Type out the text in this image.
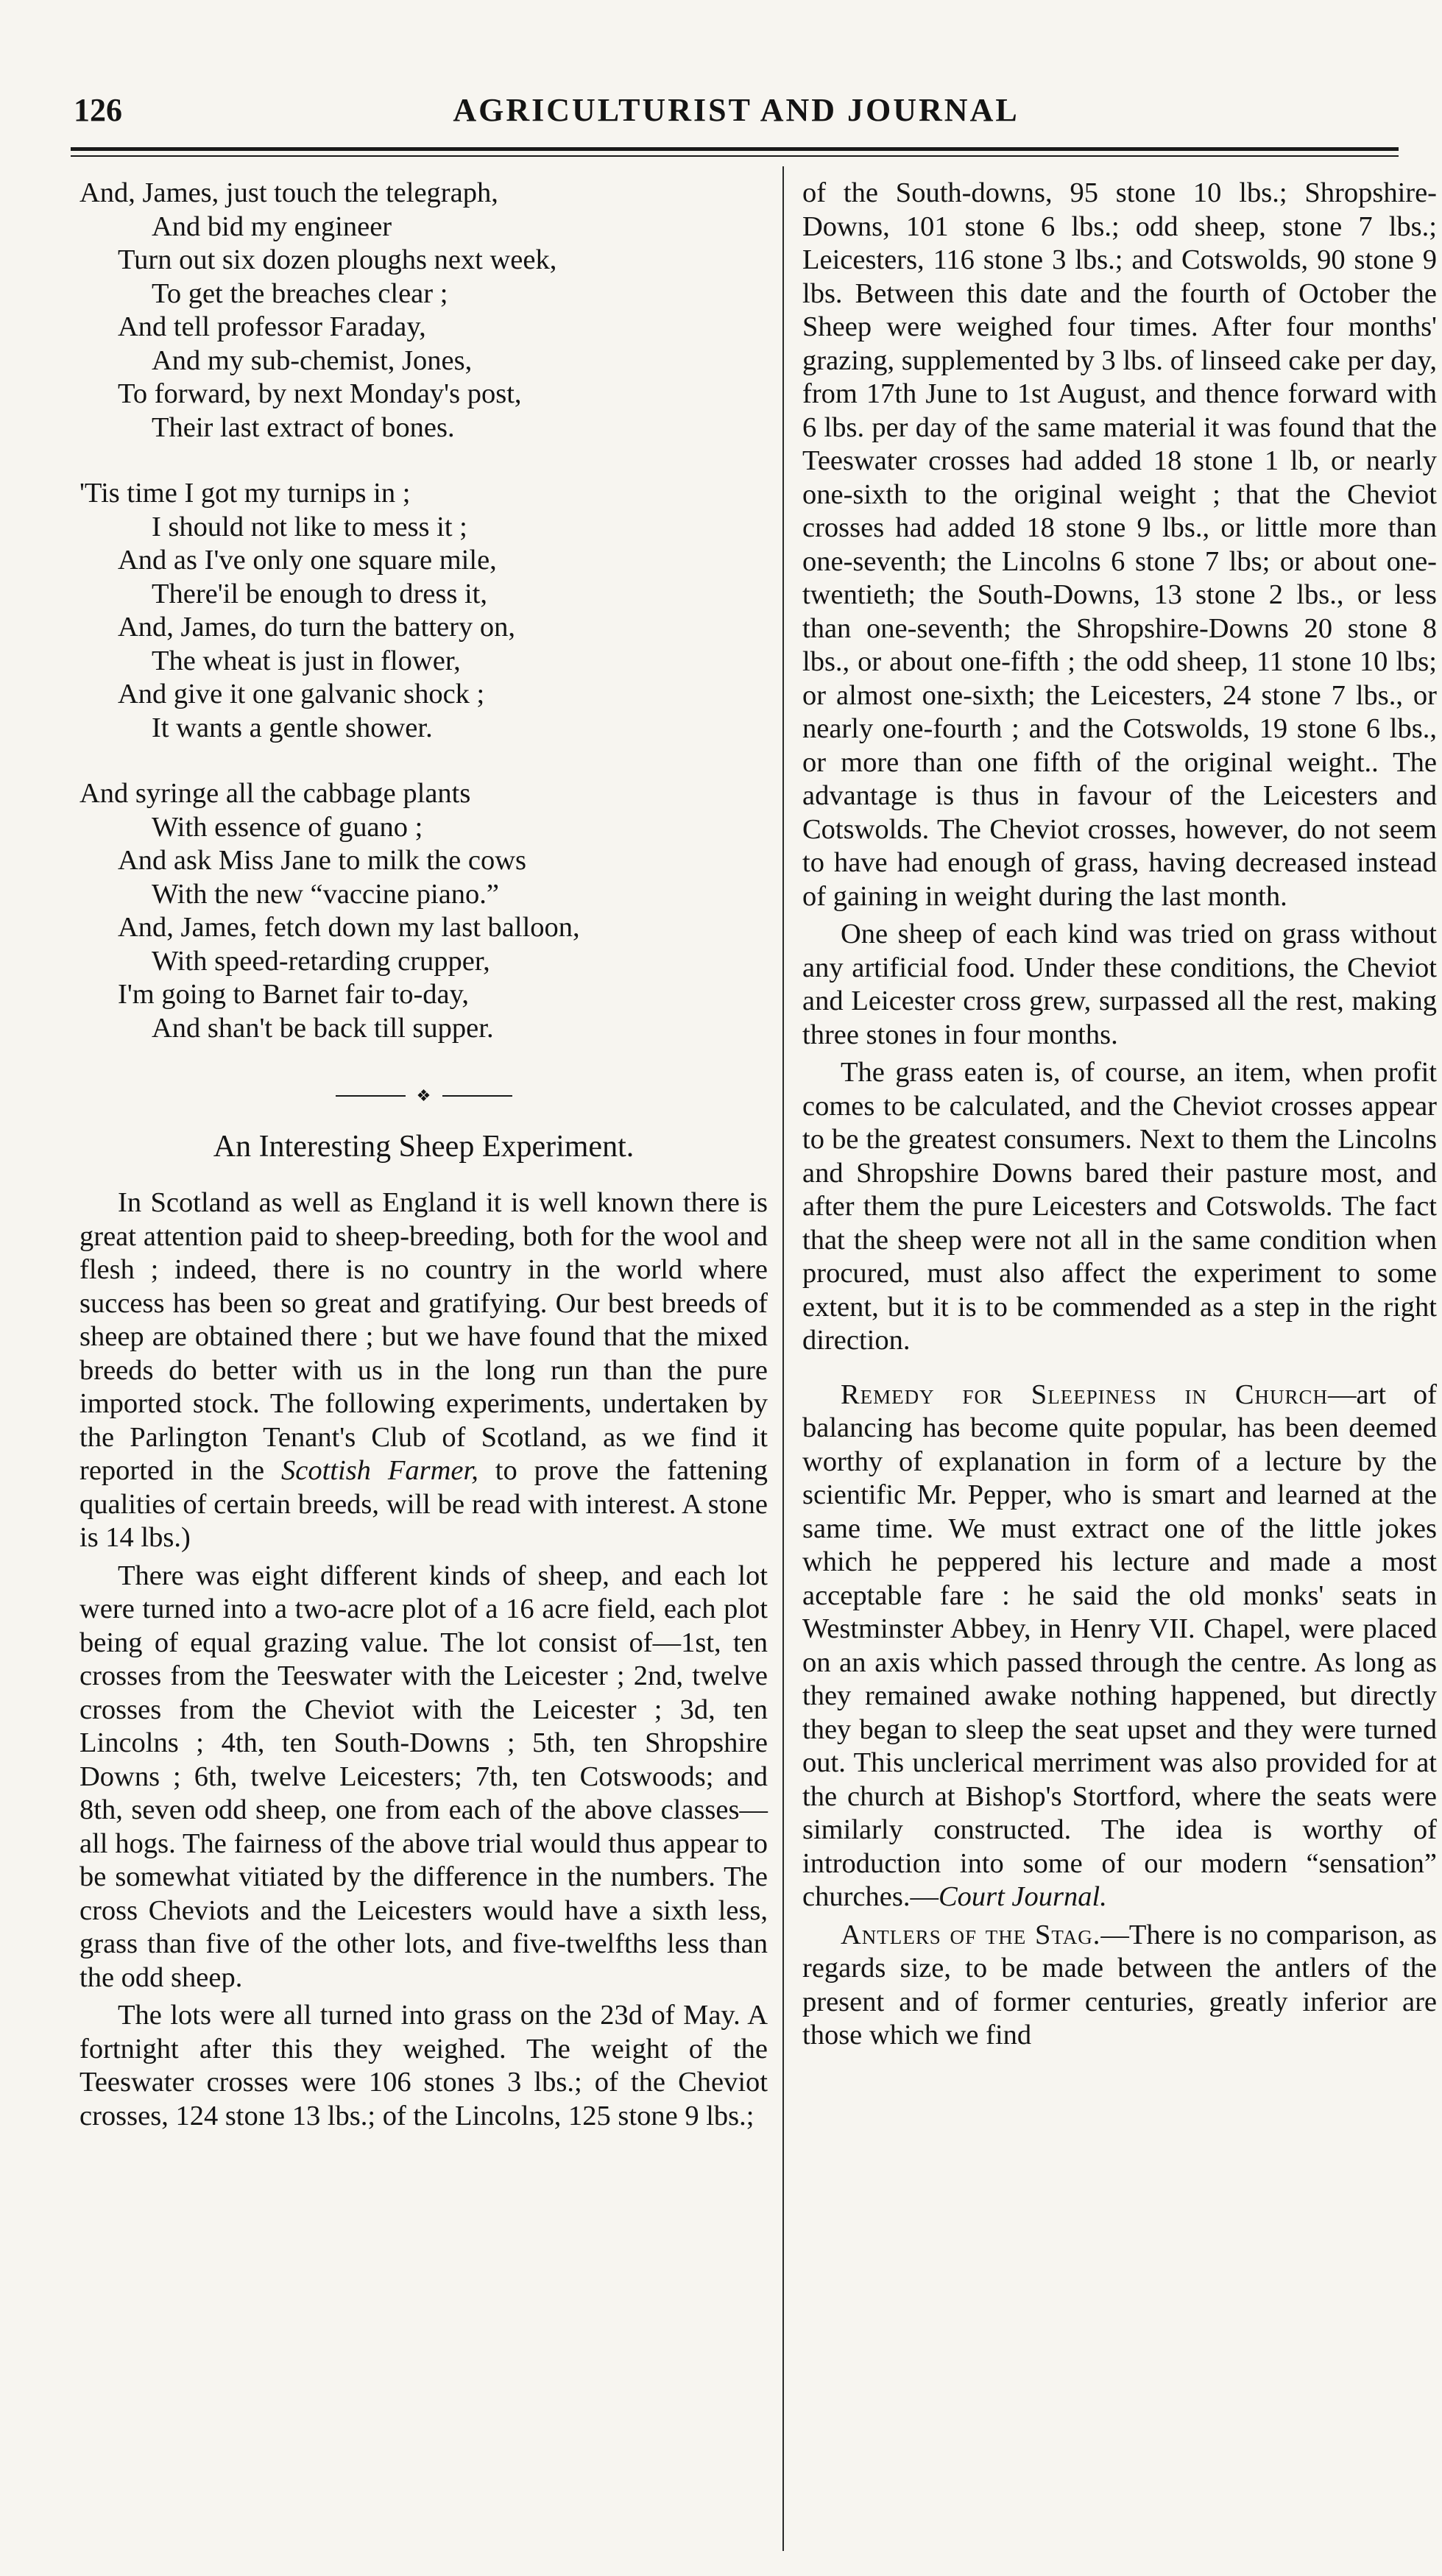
126	AGRICULTURIST AND JOURNAL
And, James, just touch the telegraph,
And bid my engineer
Turn out six dozen ploughs next week,
To get the breaches clear ;
And tell professor Faraday,
And my sub-chemist, Jones,
To forward, by next Monday's post,
Their last extract of bones.
'Tis time I got my turnips in ;
I should not like to mess it ;
And as I've only one square mile,
There'il be enough to dress it,
And, James, do turn the battery on,
The wheat is just in flower,
And give it one galvanic shock ;
It wants a gentle shower.
And syringe all the cabbage plants
With essence of guano ;
And ask Miss Jane to milk the cows
With the new “vaccine piano.”
And, James, fetch down my last balloon,
With speed-retarding crupper,
I'm going to Barnet fair to-day,
And shan't be back till supper.
❖
An Interesting Sheep Experiment.

In Scotland as well as England it is well known there is great attention paid to sheep-breeding, both for the wool and flesh ; indeed, there is no country in the world where success has been so great and gratifying. Our best breeds of sheep are obtained there ; but we have found that the mixed breeds do better with us in the long run than the pure imported stock. The following experiments, undertaken by the Parlington Tenant's Club of Scotland, as we find it reported in the Scottish Farmer, to prove the fattening qualities of certain breeds, will be read with interest. A stone is 14 lbs.)

There was eight different kinds of sheep, and each lot were turned into a two-acre plot of a 16 acre field, each plot being of equal grazing value. The lot consist of—1st, ten crosses from the Teeswater with the Leicester ; 2nd, twelve crosses from the Cheviot with the Leicester ; 3d, ten Lincolns ; 4th, ten South-Downs ; 5th, ten Shropshire Downs ; 6th, twelve Leicesters; 7th, ten Cotswoods; and 8th, seven odd sheep, one from each of the above classes—all hogs. The fairness of the above trial would thus appear to be somewhat vitiated by the difference in the numbers. The cross Cheviots and the Leicesters would have a sixth less, grass than five of the other lots, and five-twelfths less than the odd sheep.

The lots were all turned into grass on the 23d of May. A fortnight after this they weighed. The weight of the Teeswater crosses were 106 stones 3 lbs.; of the Cheviot crosses, 124 stone 13 lbs.; of the Lincolns, 125 stone 9 lbs.;

of the South-downs, 95 stone 10 lbs.; Shropshire-Downs, 101 stone 6 lbs.; odd sheep, stone 7 lbs.; Leicesters, 116 stone 3 lbs.; and Cotswolds, 90 stone 9 lbs. Between this date and the fourth of October the Sheep were weighed four times. After four months' grazing, supplemented by 3 lbs. of linseed cake per day, from 17th June to 1st August, and thence forward with 6 lbs. per day of the same material it was found that the Teeswater crosses had added 18 stone 1 lb, or nearly one-sixth to the original weight ; that the Cheviot crosses had added 18 stone 9 lbs., or little more than one-seventh; the Lincolns 6 stone 7 lbs; or about one-twentieth; the South-Downs, 13 stone 2 lbs., or less than one-seventh; the Shropshire-Downs 20 stone 8 lbs., or about one-fifth ; the odd sheep, 11 stone 10 lbs; or almost one-sixth; the Leicesters, 24 stone 7 lbs., or nearly one-fourth ; and the Cotswolds, 19 stone 6 lbs., or more than one fifth of the original weight.. The advantage is thus in favour of the Leicesters and Cotswolds. The Cheviot crosses, however, do not seem to have had enough of grass, having decreased instead of gaining in weight during the last month.

One sheep of each kind was tried on grass without any artificial food. Under these conditions, the Cheviot and Leicester cross grew, surpassed all the rest, making three stones in four months.

The grass eaten is, of course, an item, when profit comes to be calculated, and the Cheviot crosses appear to be the greatest consumers. Next to them the Lincolns and Shropshire Downs bared their pasture most, and after them the pure Leicesters and Cotswolds. The fact that the sheep were not all in the same condition when procured, must also affect the experiment to some extent, but it is to be commended as a step in the right direction.

Remedy for Sleepiness in Church—art of balancing has become quite popular, has been deemed worthy of explanation in form of a lecture by the scientific Mr. Pepper, who is smart and learned at the same time. We must extract one of the little jokes which he peppered his lecture and made a most acceptable fare : he said the old monks' seats in Westminster Abbey, in Henry VII. Chapel, were placed on an axis which passed through the centre. As long as they remained awake nothing happened, but directly they began to sleep the seat upset and they were turned out. This unclerical merriment was also provided for at the church at Bishop's Stortford, where the seats were similarly constructed. The idea is worthy of introduction into some of our modern “sensation” churches.—Court Journal.

Antlers of the Stag.—There is no comparison, as regards size, to be made between the antlers of the present and of former centuries, greatly inferior are those which we find
